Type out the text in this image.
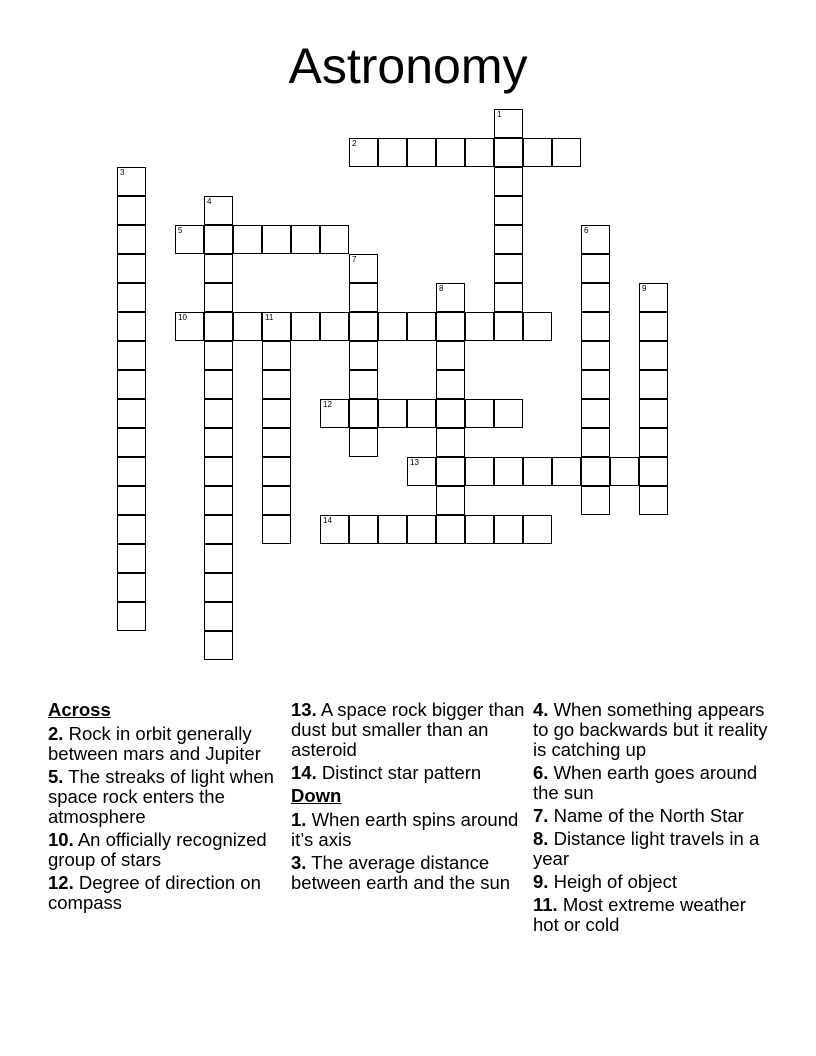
Astronomy
1
2
3
4
5	6
7
8	9
10	11
12
13
14
Across
2. Rock in orbit generally between mars and Jupiter
5. The streaks of light when space rock enters the atmosphere
10. An officially recognized group of stars
12. Degree of direction on compass
13. A space rock bigger than dust but smaller than an asteroid
14. Distinct star pattern
Down
1. When earth spins around it’s axis
3. The average distance between earth and the sun
4. When something appears to go backwards but it reality is catching up
6. When earth goes around the sun
7. Name of the North Star
8. Distance light travels in a year
9. Heigh of object
11. Most extreme weather hot or cold
